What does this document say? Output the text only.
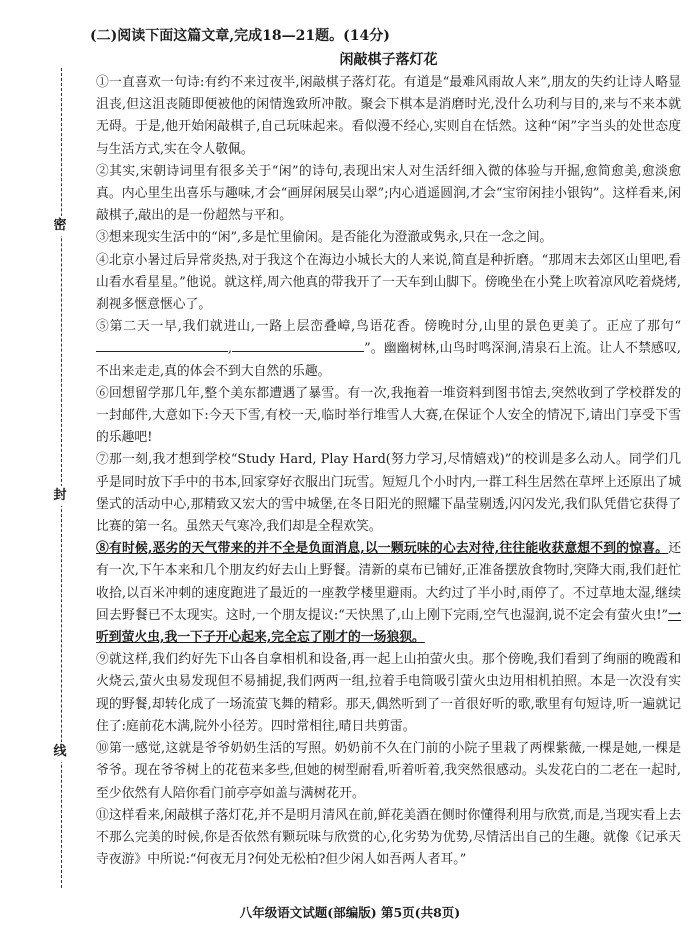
密
封
线
(二)阅读下面这篇文章,完成18—21题。(14分)
闲敲棋子落灯花

①一直喜欢一句诗:有约不来过夜半,闲敲棋子落灯花。有道是“最难风雨故人来”,朋友的失约让诗人略显沮丧,但这沮丧随即便被他的闲情逸致所冲散。聚会下棋本是消磨时光,没什么功利与目的,来与不来本就无碍。于是,他开始闲敲棋子,自己玩味起来。看似漫不经心,实则自在恬然。这种“闲”字当头的处世态度与生活方式,实在令人敬佩。

②其实,宋朝诗词里有很多关于“闲”的诗句,表现出宋人对生活纤细入微的体验与开掘,愈简愈美,愈淡愈真。内心里生出喜乐与趣味,才会“画屏闲展吴山翠”;内心逍遥圆润,才会“宝帘闲挂小银钩”。这样看来,闲敲棋子,敲出的是一份超然与平和。

③想来现实生活中的“闲”,多是忙里偷闲。是否能化为澄澈或隽永,只在一念之间。

④北京小暑过后异常炎热,对于我这个在海边小城长大的人来说,简直是种折磨。“那周末去郊区山里吧,看山看水看星星。”他说。就这样,周六他真的带我开了一天车到山脚下。傍晚坐在小凳上吹着凉风吃着烧烤,刹视多惬意惬心了。

⑤第二天一早,我们就进山,一路上层峦叠嶂,鸟语花香。傍晚时分,山里的景色更美了。正应了那句“,	”。幽幽树林,山鸟时鸣深涧,清泉石上流。让人不禁感叹,不出来走走,真的体会不到大自然的乐趣。

⑥回想留学那几年,整个美东都遭遇了暴雪。有一次,我拖着一堆资料到图书馆去,突然收到了学校群发的一封邮件,大意如下:今天下雪,有校一天,临时举行堆雪人大赛,在保证个人安全的情况下,请出门享受下雪的乐趣吧!

⑦那一刻,我才想到学校“Study Hard, Play Hard(努力学习,尽情嬉戏)”的校训是多么动人。同学们几乎是同时放下手中的书本,回家穿好衣服出门玩雪。短短几个小时内,一群工科生居然在草坪上还原出了城堡式的活动中心,那精致又宏大的雪中城堡,在冬日阳光的照耀下晶莹剔透,闪闪发光,我们队凭借它获得了比赛的第一名。虽然天气寒冷,我们却是全程欢笑。

⑧有时候,恶劣的天气带来的并不全是负面消息,以一颗玩味的心去对待,往往能收获意想不到的惊喜。还有一次,下午本来和几个朋友约好去山上野餐。清新的桌布已铺好,正准备摆放食物时,突降大雨,我们赶忙收拾,以百米冲刺的速度跑进了最近的一座教学楼里避雨。大约过了半小时,雨停了。不过草地太湿,继续回去野餐已不太现实。这时,一个朋友提议:“天快黑了,山上刚下完雨,空气也湿润,说不定会有萤火虫!”一听到萤火虫,我一下子开心起来,完全忘了刚才的一场狼狈。

⑨就这样,我们约好先下山各自拿相机和设备,再一起上山拍萤火虫。那个傍晚,我们看到了绚丽的晚霞和火烧云,萤火虫易发现但不易捕捉,我们两两一组,拉着手电筒吸引萤火虫边用相机拍照。本是一次没有实现的野餐,却转化成了一场流萤飞舞的精彩。那天,偶然听到了一首很好听的歌,歌里有句短诗,听一遍就记住了:庭前花木满,院外小径芳。四时常相往,晴日共剪雷。

⑩第一感觉,这就是爷爷奶奶生活的写照。奶奶前不久在门前的小院子里栽了两棵紫薇,一棵是她,一棵是爷爷。现在爷爷树上的花苞来多些,但她的树型耐看,听着听着,我突然很感动。头发花白的二老在一起时,至少依然有人陪你看门前亭亭如盖与满树花开。

⑪这样看来,闲敲棋子落灯花,并不是明月清风在前,鲜花美酒在侧时你懂得利用与欣赏,而是,当现实看上去不那么完美的时候,你是否依然有颗玩味与欣赏的心,化劣势为优势,尽情活出自己的生趣。就像《记承天寺夜游》中所说:“何夜无月?何处无松柏?但少闲人如吾两人者耳。”

八年级语文试题(部编版) 第5页(共8页)
